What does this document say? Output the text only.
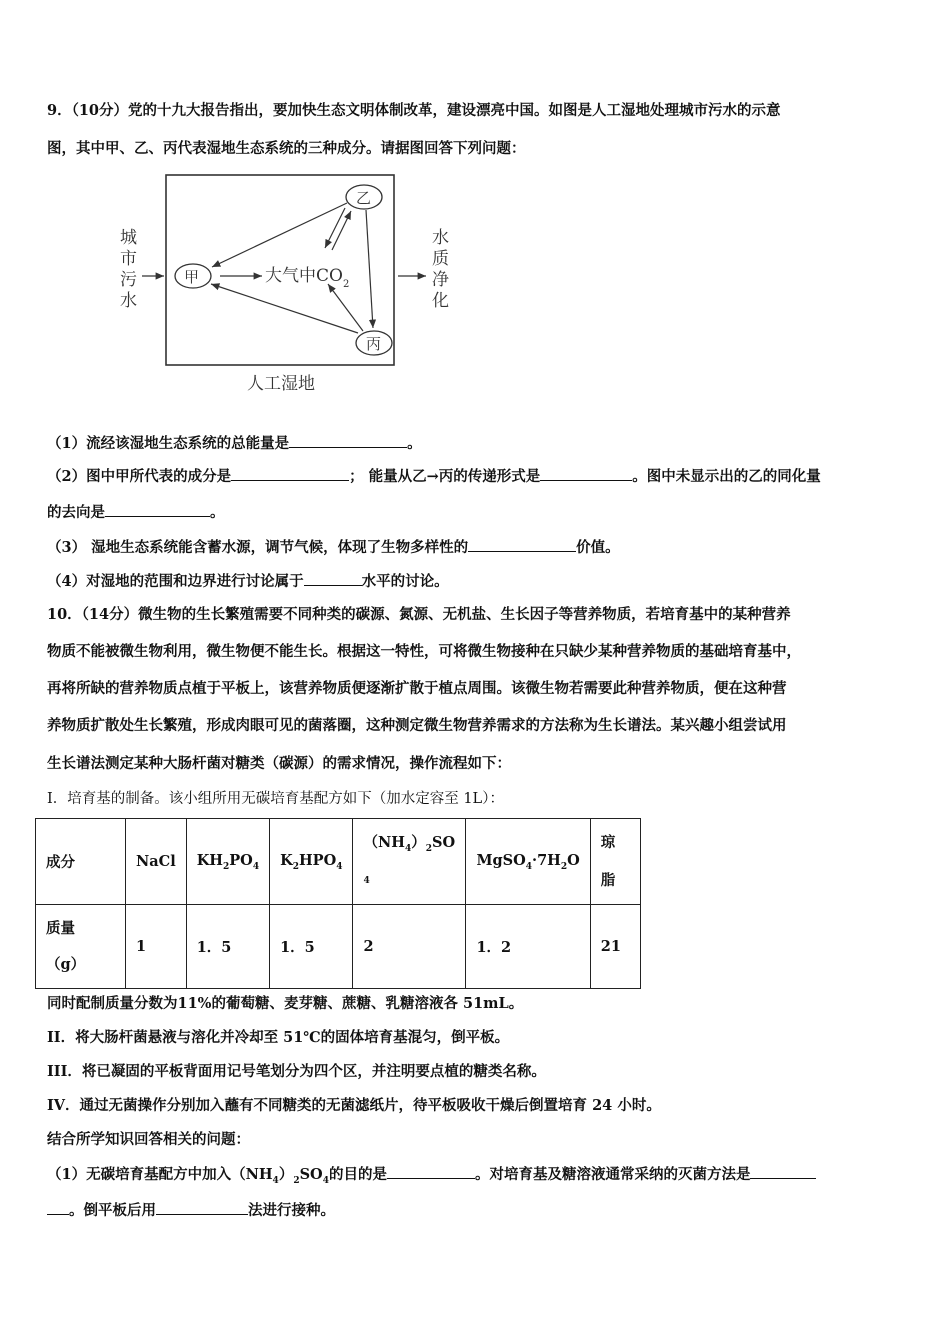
9．（10分）党的十九大报告指出，要加快生态文明体制改革，建设漂亮中国。如图是人工湿地处理城市污水的示意
图，其中甲、乙、丙代表湿地生态系统的三种成分。请据图回答下列问题：
城
市
污
水
水
质
净
化
甲
乙
丙
大气中$CO_2$
人工湿地
（1）流经该湿地生态系统的总能量是	。
（2）图中甲所代表的成分是	； 能量从乙→丙的传递形式是	。图中未显示出的乙的同化量
的去向是	。
（3） 湿地生态系统能含蓄水源，调节气候，体现了生物多样性的	价值。
（4）对湿地的范围和边界进行讨论属于	水平的讨论。
10．（14分）微生物的生长繁殖需要不同种类的碳源、氮源、无机盐、生长因子等营养物质，若培育基中的某种营养
物质不能被微生物利用，微生物便不能生长。根据这一特性，可将微生物接种在只缺少某种营养物质的基础培育基中，
再将所缺的营养物质点植于平板上，该营养物质便逐渐扩散于植点周围。该微生物若需要此种营养物质，便在这种营
养物质扩散处生长繁殖，形成肉眼可见的菌落圈，这种测定微生物营养需求的方法称为生长谱法。某兴趣小组尝试用
生长谱法测定某种大肠杆菌对糖类（碳源）的需求情况，操作流程如下：
I．培育基的制备。该小组所用无碳培育基配方如下（加水定容至 1L）：
成分	NaCl	$KH_2PO_4$	$K_2HPO_4$	$(NH_4)_2SO$
$_4$	$MgSO_4\cdot 7H_2O$	琼
脂
质量
（g）	1	1．5	1．5	2	1．2	21
同时配制质量分数为11%的葡萄糖、麦芽糖、蔗糖、乳糖溶液各 51mL。
II．将大肠杆菌悬液与溶化并冷却至 51℃的固体培育基混匀，倒平板。
III．将已凝固的平板背面用记号笔划分为四个区，并注明要点植的糖类名称。
IV．通过无菌操作分别加入蘸有不同糖类的无菌滤纸片，待平板吸收干燥后倒置培育 24 小时。
结合所学知识回答相关的问题：
（1）无碳培育基配方中加入$(NH_4)_2SO_4$的目的是	。对培育基及糖溶液通常采纳的灭菌方法是
。倒平板后用	法进行接种。
